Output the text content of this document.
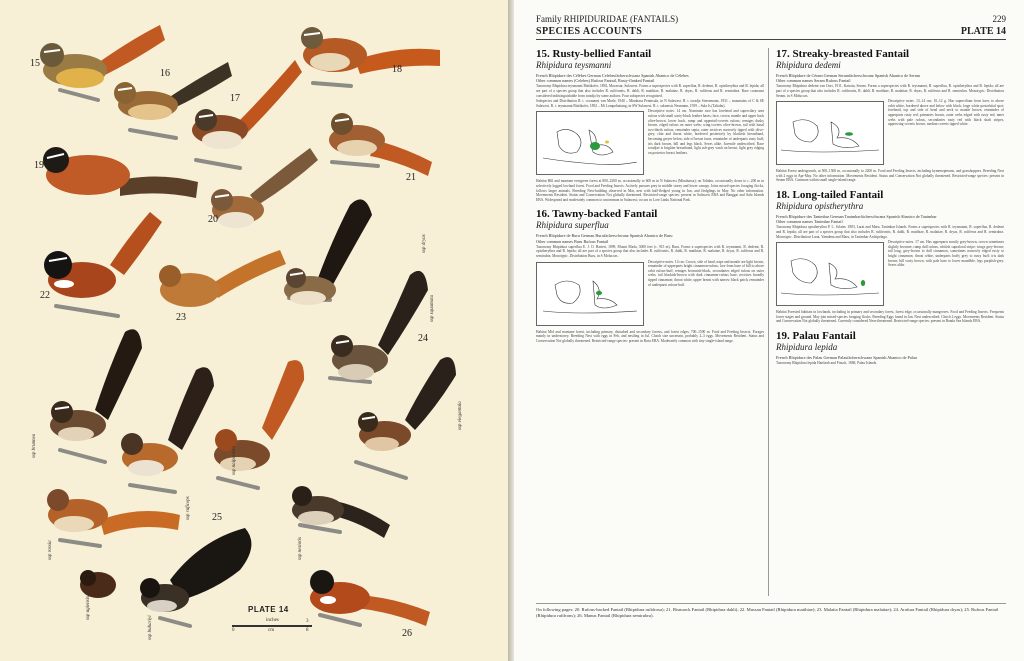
15
16
17
18
19
20
21
22
23
24
25
26
ssp dryas
ssp squamata
ssp elegantula
ssp brunnea
ssp naiparosta
ssp ruficeps
ssp rossia	ssp nesiotis
ssp ugiensis
ssp buhariyi
PLATE 14
inches
0
3
cm	8
Family RHIPIDURIDAE (FANTAILS)	229
SPECIES ACCOUNTS	PLATE 14
15. Rusty-bellied Fantail
Rhipidura teysmanni
French Rhipidure des Célèbes German Celebesfächerschwanz Spanish Abanico de Célebes
Other common names (Celebes) Rufous Fantail, Rusty-flanked Fantail
Taxonomy Rhipidura teysmanni Büttikofer, 1892, Macassar, Sulawesi. Forms a superspecies with R. superflua, R. dedemi, R. opistherythra and R. lepida; all are part of a species group that also includes R. rufifrontis, R. dahli, R. matthiae, R. malaitae, R. dryas, R. rufiferus and R. semirubra. Race coomansi considered indistinguishable from toradja by some authors. Four subspecies recognized.
Subspecies and Distribution R. t. coomansi van Marle, 1940 – Minahasa Peninsula, in N Sulawesi. R. t. toradja Stresemann, 1931 – mountains of C & SE Sulawesi. R. t. teysmanni Büttikofer, 1892 – Mt Lompobattang, in SW Sulawesi. R. t. sulaensis Neumann, 1939 – Sula Is (Taliabu).
Descriptive notes. 14 cm. Nominate race has forehead and supercilary area rufous with small sooty-black feather bases; face, crown, mantle and upper back olive-brown, lower back, rump and uppertail-coverts rufous; remiges dusky brown, edged rufous on outer webs; wing-coverts olive-brown, tail with basal two-thirds rufous, remainder sepia, outer rectrices narrowly tipped with olive-grey, chin and throat white, bordered posteriorly by blackish breastband, becoming greyer below, side of breast fawn, remainder of underparts rusty buff; iris dark brown, bill and legs black. Sexes alike. Juvenile undescribed. Race toradjae is brighter breastband, light ash-grey wash on breast, light grey edging on posterior breast feathers.
Habitat Hill and montane evergreen forest at 800–2300 m, occasionally to 600 m in N Sulawesi (Minahassa); on Taliabu, occasionally down to c. 200 m in selectively logged lowland forest. Food and Feeding Insects. Actively pursues prey in middle storey and lower canopy. Joins mixed-species foraging flocks, follows larger animals. Breeding Nest-building observed in Mar, nest with half-fledged young in Jun, and fledglings in May. No other information. Movements Resident. Status and Conservation Not globally threatened. Restricted-range species: present in Sulawesi EBA and Banggai and Sula Islands EBA. Widespread and moderately common to uncommon in Sulawesi; occurs in Lore Lindu National Park.
16. Tawny-backed Fantail
Rhipidura superflua
French Rhipidure de Buru German Burufächerschwanz Spanish Abanico de Buru
Other common names Buru Rufous Fantail
Taxonomy Rhipidura superflua E. J. O. Hartert, 1899, Mount Mada, 3000 feet (c. 915 m), Buru. Forms a superspecies with R. teysmanni, R. dedemi, R. opistherythra and R. lepida; all are part of a species group that also includes R. rufifrontis, R. dahli, R. matthiae, R. malaitae, R. dryas, R. rufiferus and R. semirubra. Monotypic. Distribution Buru, in S Moluccas.
Descriptive notes. 14 cm. Crown, side of head, nape and mantle are light brown, remainder of upperparts bright cinnamon-rufous; lore from base of bill to above orbit rufous-buff; remiges brownish-black, secondaries edged rufous on outer webs; tail blackish-brown with dark cinnamon-rufous base, rectrices broadly tipped cinnamon; throat white, upper breast with narrow black patch, remainder of underparts rufous-buff.
Habitat Mid and montane forest, including primary, disturbed and secondary forests, and forest edges, 700–1500 m. Food and Feeding Insects. Forages mainly in understorey. Breeding Nest with eggs in Feb, and nestling in Jul. Clutch size uncertain, probably 2–3 eggs. Movements Resident. Status and Conservation Not globally threatened. Restricted-range species: present in Buru EBA. Moderately common with tiny single-island range.
17. Streaky-breasted Fantail
Rhipidura dedemi
French Rhipidure de Céram German Seramfächerschwanz Spanish Abanico de Seram
Other common names Seram Rufous Fantail
Taxonomy Rhipidura dedemi van Oort, 1911, Kairatu, Seram. Forms a superspecies with R. teysmanni, R. superflua, R. opistherythra and R. lepida; all are part of a species group that also includes R. rufifrontis, R. dahli, R. matthiae, R. malaitae, R. dryas, R. rufiferus and R. semirubra. Monotypic. Distribution Seram, in S Moluccas.
Descriptive notes. 13–14 cm; 10–12 g. Has supercilium from lores to above orbit white, bordered above and below with black; large white postorbital spot; forehead, top and side of head and neck to mantle brown, remainder of upperparts rusty red; primaries brown, outer webs edged with rusty red, inner webs with pale rufous, secondaries rusty red with black shaft stripes, upperwing-coverts brown, median coverts tipped white.
Habitat Forest undergrowth, at 500–1500 m, occasionally to 2200 m. Food and Feeding Insects, including hymenopterans, and grasshoppers. Breeding Nest with 2 eggs in Apr-May. No other information. Movements Resident. Status and Conservation Not globally threatened. Restricted-range species: present in Seram EBA. Common within small single-island range.
18. Long-tailed Fantail
Rhipidura opistherythra
French Rhipidure des Tanimbar German Tanimbarfächerschwanz Spanish Abanico de Tanimbar
Other common names Tanimbar Fantail
Taxonomy Rhipidura opistherythra P. L. Sclater, 1883, Larat and Maru, Tanimbar Islands. Forms a superspecies with R. teysmanni, R. superflua, R. dedemi and R. lepida; all are part of a species group that also includes R. rufifrontis, R. dahli, R. matthiae, R. malaitae, R. dryas, R. rufiferus and R. semirubra. Monotypic. Distribution Larat, Yamdena and Maru, in Tanimbar Archipelago.
Descriptive notes. 17 cm. Has upperparts mostly grey-brown, crown sometimes slightly browner, rump dull rufous, whitish supraloral stripe; wings grey-brown; tail long, grey-brown to dull cinnamon, sometimes narrowly edged rusty to bright cinnamon; throat white, underparts buffy grey to rusty buff; iris dark brown; bill sooty brown, with pale base to lower mandible, legs purplish-grey. Sexes alike.
Habitat Forested habitats in lowlands, including in primary and secondary forest, forest edge, occasionally mangroves. Food and Feeding Insects. Frequents lower stages and ground. May join mixed-species foraging flocks. Breeding Eggs found in Jan. Nest undescribed. Clutch 2 eggs. Movements Resident. Status and Conservation Not globally threatened. Currently considered Near-threatened. Restricted-range species: present in Banda Sea Islands EBA.
19. Palau Fantail
Rhipidura lepida
French Rhipidure des Palau German Palaufächerschwanz Spanish Abanico de Palau
Taxonomy Rhipidura lepida Hartlaub and Finsch, 1868, Palau Islands.
On following pages: 20. Rufous-backed Fantail (Rhipidura rufidorsa); 21. Bismarck Fantail (Rhipidura dahli); 22. Mussau Fantail (Rhipidura matthiae); 23. Malaita Fantail (Rhipidura malaitae); 24. Arafura Fantail (Rhipidura dryas); 25. Rufous Fantail (Rhipidura rufifrons); 26. Manus Fantail (Rhipidura semirubra).
